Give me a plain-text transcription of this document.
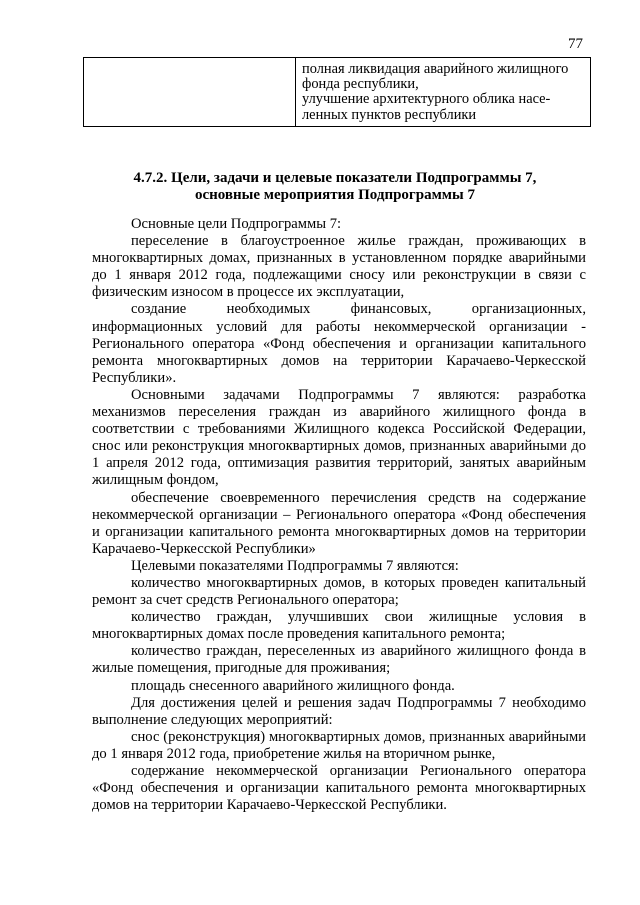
77
полная ликвидация аварийного жилищного
фонда республики,
улучшение архитектурного облика насе-
ленных пунктов республики
4.7.2. Цели, задачи и целевые показатели Подпрограммы 7,
основные мероприятия Подпрограммы 7

Основные цели Подпрограммы 7:

переселение в благоустроенное жилье граждан, проживающих в многоквартирных домах, признанных в установленном порядке аварийными до 1 января 2012 года, подлежащими сносу или реконструкции в связи с физическим износом в процессе их эксплуатации,

создание необходимых финансовых, организационных, информационных условий для работы некоммерческой организации - Регионального оператора «Фонд обеспечения и организации капитального ремонта многоквартирных домов на территории Карачаево-Черкесской Республики».

Основными задачами Подпрограммы 7 являются: разработка механизмов переселения граждан из аварийного жилищного фонда в соответствии с требованиями Жилищного кодекса Российской Федерации, снос или реконструкция многоквартирных домов, признанных аварийными до 1 апреля 2012 года, оптимизация развития территорий, занятых аварийным жилищным фондом,

обеспечение своевременного перечисления средств на содержание некоммерческой организации – Регионального оператора «Фонд обеспечения и организации капитального ремонта многоквартирных домов на территории Карачаево-Черкесской Республики»

Целевыми показателями Подпрограммы 7 являются:

количество многоквартирных домов, в которых проведен капитальный ремонт за счет средств Регионального оператора;

количество граждан, улучшивших свои жилищные условия в многоквартирных домах после проведения капитального ремонта;

количество граждан, переселенных из аварийного жилищного фонда в жилые помещения, пригодные для проживания;

площадь снесенного аварийного жилищного фонда.

Для достижения целей и решения задач Подпрограммы 7 необходимо выполнение следующих мероприятий:

снос (реконструкция) многоквартирных домов, признанных аварийными до 1 января 2012 года, приобретение жилья на вторичном рынке,

содержание некоммерческой организации Регионального оператора «Фонд обеспечения и организации капитального ремонта многоквартирных домов на территории Карачаево-Черкесской Республики.
